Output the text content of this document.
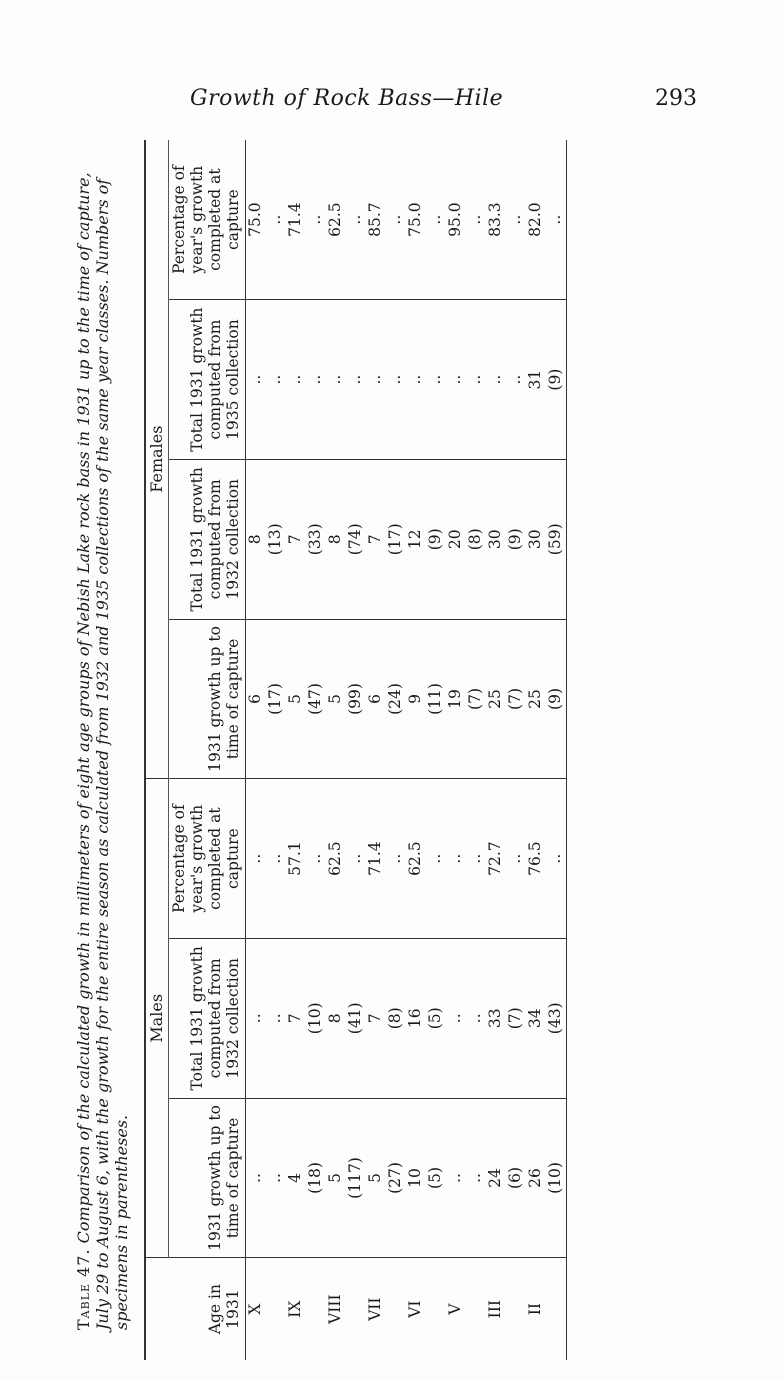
Growth of Rock Bass—Hile	293
Table 47. Comparison of the calculated growth in millimeters of eight age groups of Nebish Lake rock bass in 1931 up to the time of capture, July 29 to August 6, with the growth for the entire season as calculated from 1932 and 1935 collections of the same year classes. Numbers of specimens in parentheses.
	Males			Females			
Age in 1931	1931 growth up to time of capture	Total 1931 growth computed from 1932 collection	Percentage of year's growth completed at capture	1931 growth up to time of capture	Total 1931 growth computed from 1932 collection	Total 1931 growth computed from 1935 collection	Percentage of year's growth completed at capture
X	..	..	..	6	8	..	75.0
	..	..	..	(17)	(13)	..	..
IX	4	7	57.1	5	7	..	71.4
	(18)	(10)	..	(47)	(33)	..	..
VIII	5	8	62.5	5	8	..	62.5
	(117)	(41)	..	(99)	(74)	..	..
VII	5	7	71.4	6	7	..	85.7
	(27)	(8)	..	(24)	(17)	..	..
VI	10	16	62.5	9	12	..	75.0
	(5)	(5)	..	(11)	(9)	..	..
V	..	..	..	19	20	..	95.0
	..	..	..	(7)	(8)	..	..
III	24	33	72.7	25	30	..	83.3
	(6)	(7)	..	(7)	(9)	..	..
II	26	34	76.5	25	30	31	82.0
	(10)	(43)	..	(9)	(59)	(9)	..
